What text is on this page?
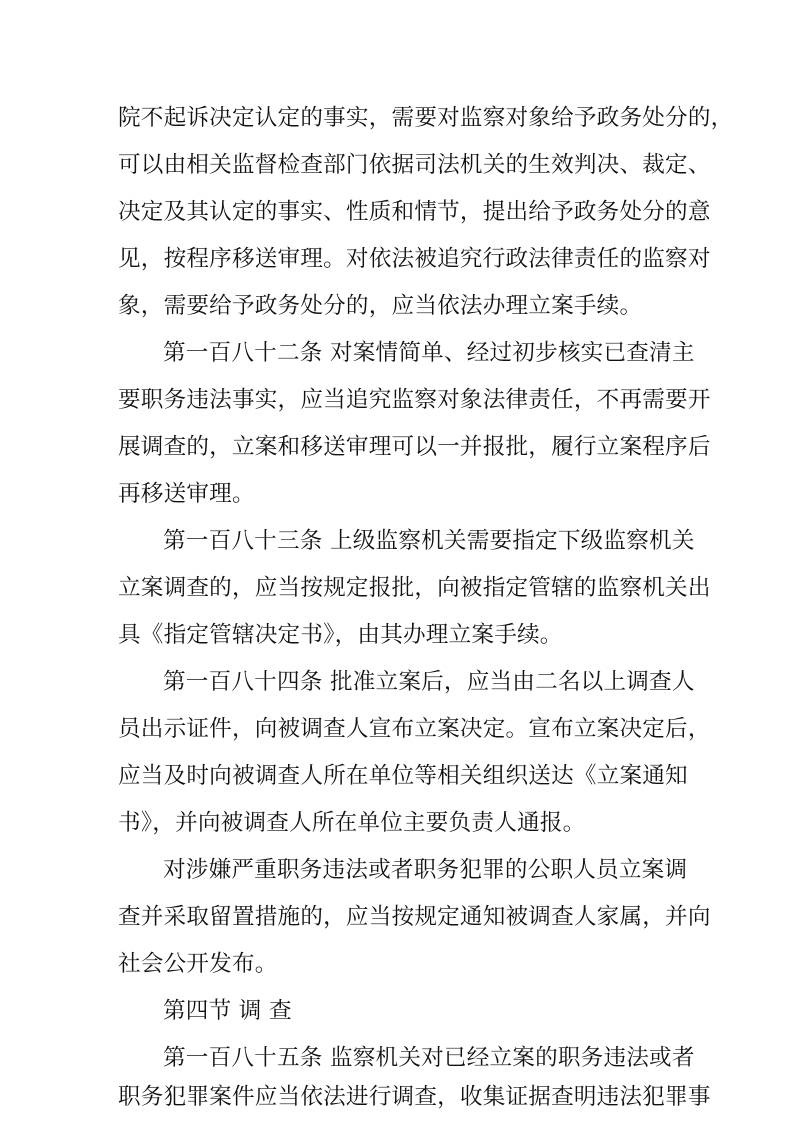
院不起诉决定认定的事实，需要对监察对象给予政务处分的，
可以由相关监督检查部门依据司法机关的生效判决、裁定、
决定及其认定的事实、性质和情节，提出给予政务处分的意
见，按程序移送审理。对依法被追究行政法律责任的监察对
象，需要给予政务处分的，应当依法办理立案手续。
第一百八十二条 对案情简单、经过初步核实已查清主
要职务违法事实，应当追究监察对象法律责任，不再需要开
展调查的，立案和移送审理可以一并报批，履行立案程序后
再移送审理。
第一百八十三条 上级监察机关需要指定下级监察机关
立案调查的，应当按规定报批，向被指定管辖的监察机关出
具《指定管辖决定书》，由其办理立案手续。
第一百八十四条 批准立案后，应当由二名以上调查人
员出示证件，向被调查人宣布立案决定。宣布立案决定后，
应当及时向被调查人所在单位等相关组织送达《立案通知
书》，并向被调查人所在单位主要负责人通报。
对涉嫌严重职务违法或者职务犯罪的公职人员立案调
查并采取留置措施的，应当按规定通知被调查人家属，并向
社会公开发布。
第四节 调 查
第一百八十五条 监察机关对已经立案的职务违法或者
职务犯罪案件应当依法进行调查，收集证据查明违法犯罪事
